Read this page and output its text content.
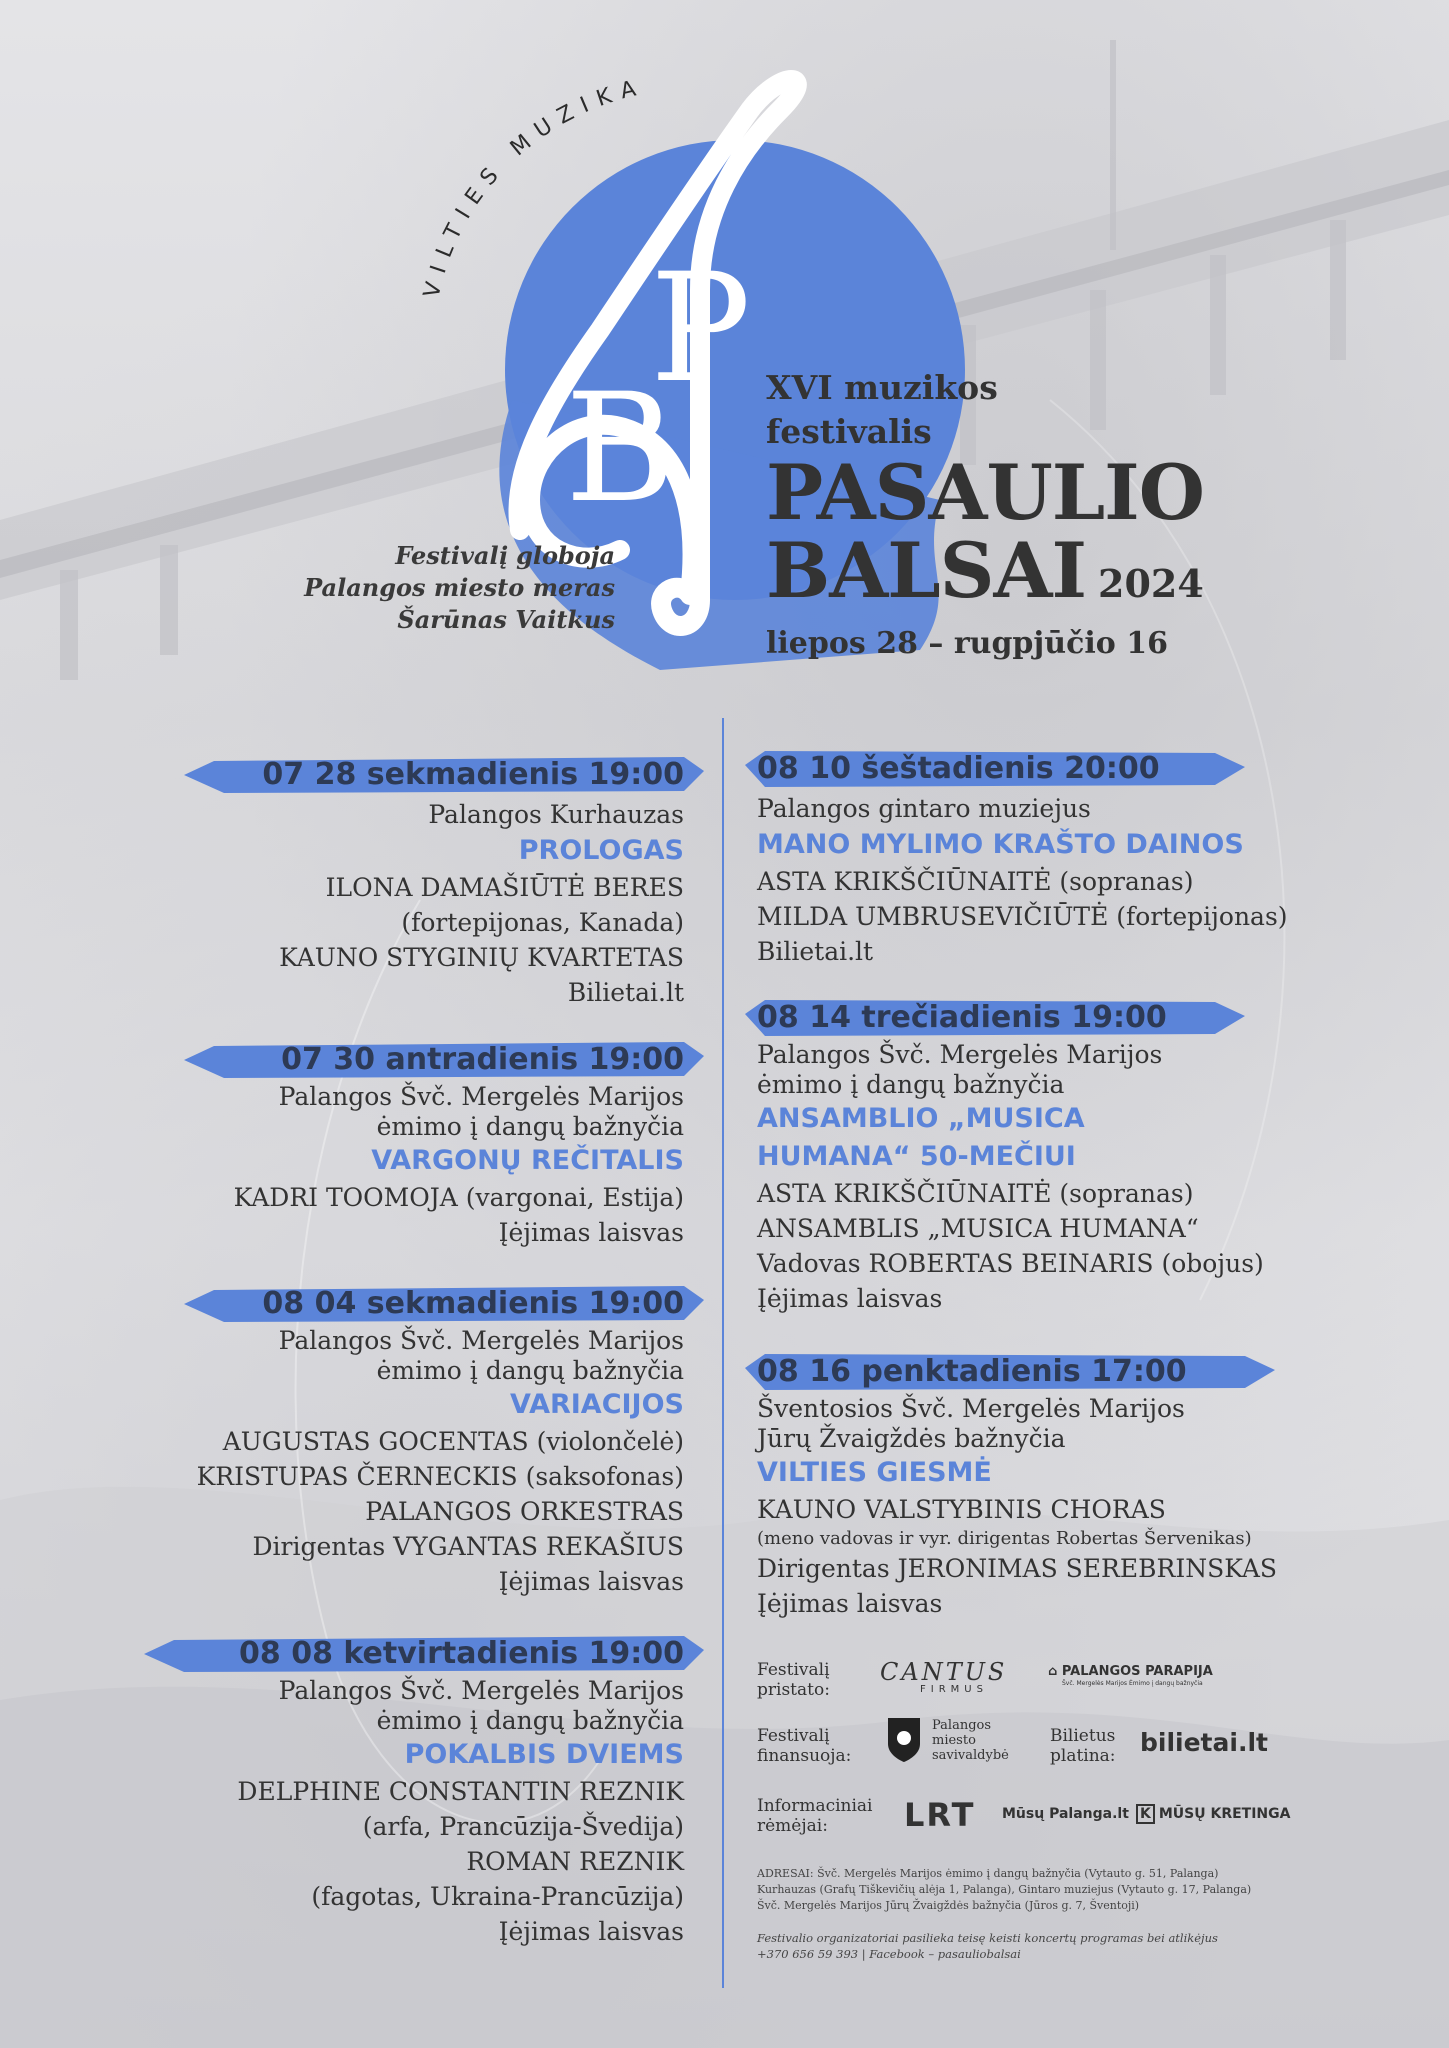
VILTIES MUZIKA
B
P
Festivalį globoja
Palangos miesto meras
Šarūnas Vaitkus
XVI muzikos
festivalis
PASAULIO
BALSAI 2024
liepos 28 – rugpjūčio 16
07 28 sekmadienis 19:00
Palangos Kurhauzas
PROLOGAS
ILONA DAMAŠIŪTĖ BERES
(fortepijonas, Kanada)
KAUNO STYGINIŲ KVARTETAS
Bilietai.lt
07 30 antradienis 19:00
Palangos Švč. Mergelės Marijos
ėmimo į dangų bažnyčia
VARGONŲ REČITALIS
KADRI TOOMOJA (vargonai, Estija)
Įėjimas laisvas
08 04 sekmadienis 19:00
Palangos Švč. Mergelės Marijos
ėmimo į dangų bažnyčia
VARIACIJOS
AUGUSTAS GOCENTAS (violončelė)
KRISTUPAS ČERNECKIS (saksofonas)
PALANGOS ORKESTRAS
Dirigentas VYGANTAS REKAŠIUS
Įėjimas laisvas
08 08 ketvirtadienis 19:00
Palangos Švč. Mergelės Marijos
ėmimo į dangų bažnyčia
POKALBIS DVIEMS
DELPHINE CONSTANTIN REZNIK
(arfa, Prancūzija-Švedija)
ROMAN REZNIK
(fagotas, Ukraina-Prancūzija)
Įėjimas laisvas
08 10 šeštadienis 20:00
Palangos gintaro muziejus
MANO MYLIMO KRAŠTO DAINOS
ASTA KRIKŠČIŪNAITĖ (sopranas)
MILDA UMBRUSEVIČIŪTĖ (fortepijonas)
Bilietai.lt
08 14 trečiadienis 19:00
Palangos Švč. Mergelės Marijos
ėmimo į dangų bažnyčia
ANSAMBLIO „MUSICA
HUMANA“ 50-MEČIUI
ASTA KRIKŠČIŪNAITĖ (sopranas)
ANSAMBLIS „MUSICA HUMANA“
Vadovas ROBERTAS BEINARIS (obojus)
Įėjimas laisvas
08 16 penktadienis 17:00
Šventosios Švč. Mergelės Marijos
Jūrų Žvaigždės bažnyčia
VILTIES GIESMĖ
KAUNO VALSTYBINIS CHORAS
(meno vadovas ir vyr. dirigentas Robertas Šervenikas)
Dirigentas JERONIMAS SEREBRINSKAS
Įėjimas laisvas
Festivalį
pristato:
CANTUS
FIRMUS
⌂ PALANGOS PARAPIJA
Švč. Mergelės Marijos Ėmimo į dangų bažnyčia
Festivalį
finansuoja:
Palangos
miesto
savivaldybė
Bilietus
platina: bilietai.lt
Informaciniai
rėmėjai:	LRT Mūsų Palanga.lt K MŪSŲ KRETINGA
ADRESAI: Švč. Mergelės Marijos ėmimo į dangų bažnyčia (Vytauto g. 51, Palanga)
Kurhauzas (Grafų Tiškevičių alėja 1, Palanga), Gintaro muziejus (Vytauto g. 17, Palanga)
Švč. Mergelės Marijos Jūrų Žvaigždės bažnyčia (Jūros g. 7, Šventoji)
Festivalio organizatoriai pasilieka teisę keisti koncertų programas bei atlikėjus
+370 656 59 393 | Facebook – pasauliobalsai
